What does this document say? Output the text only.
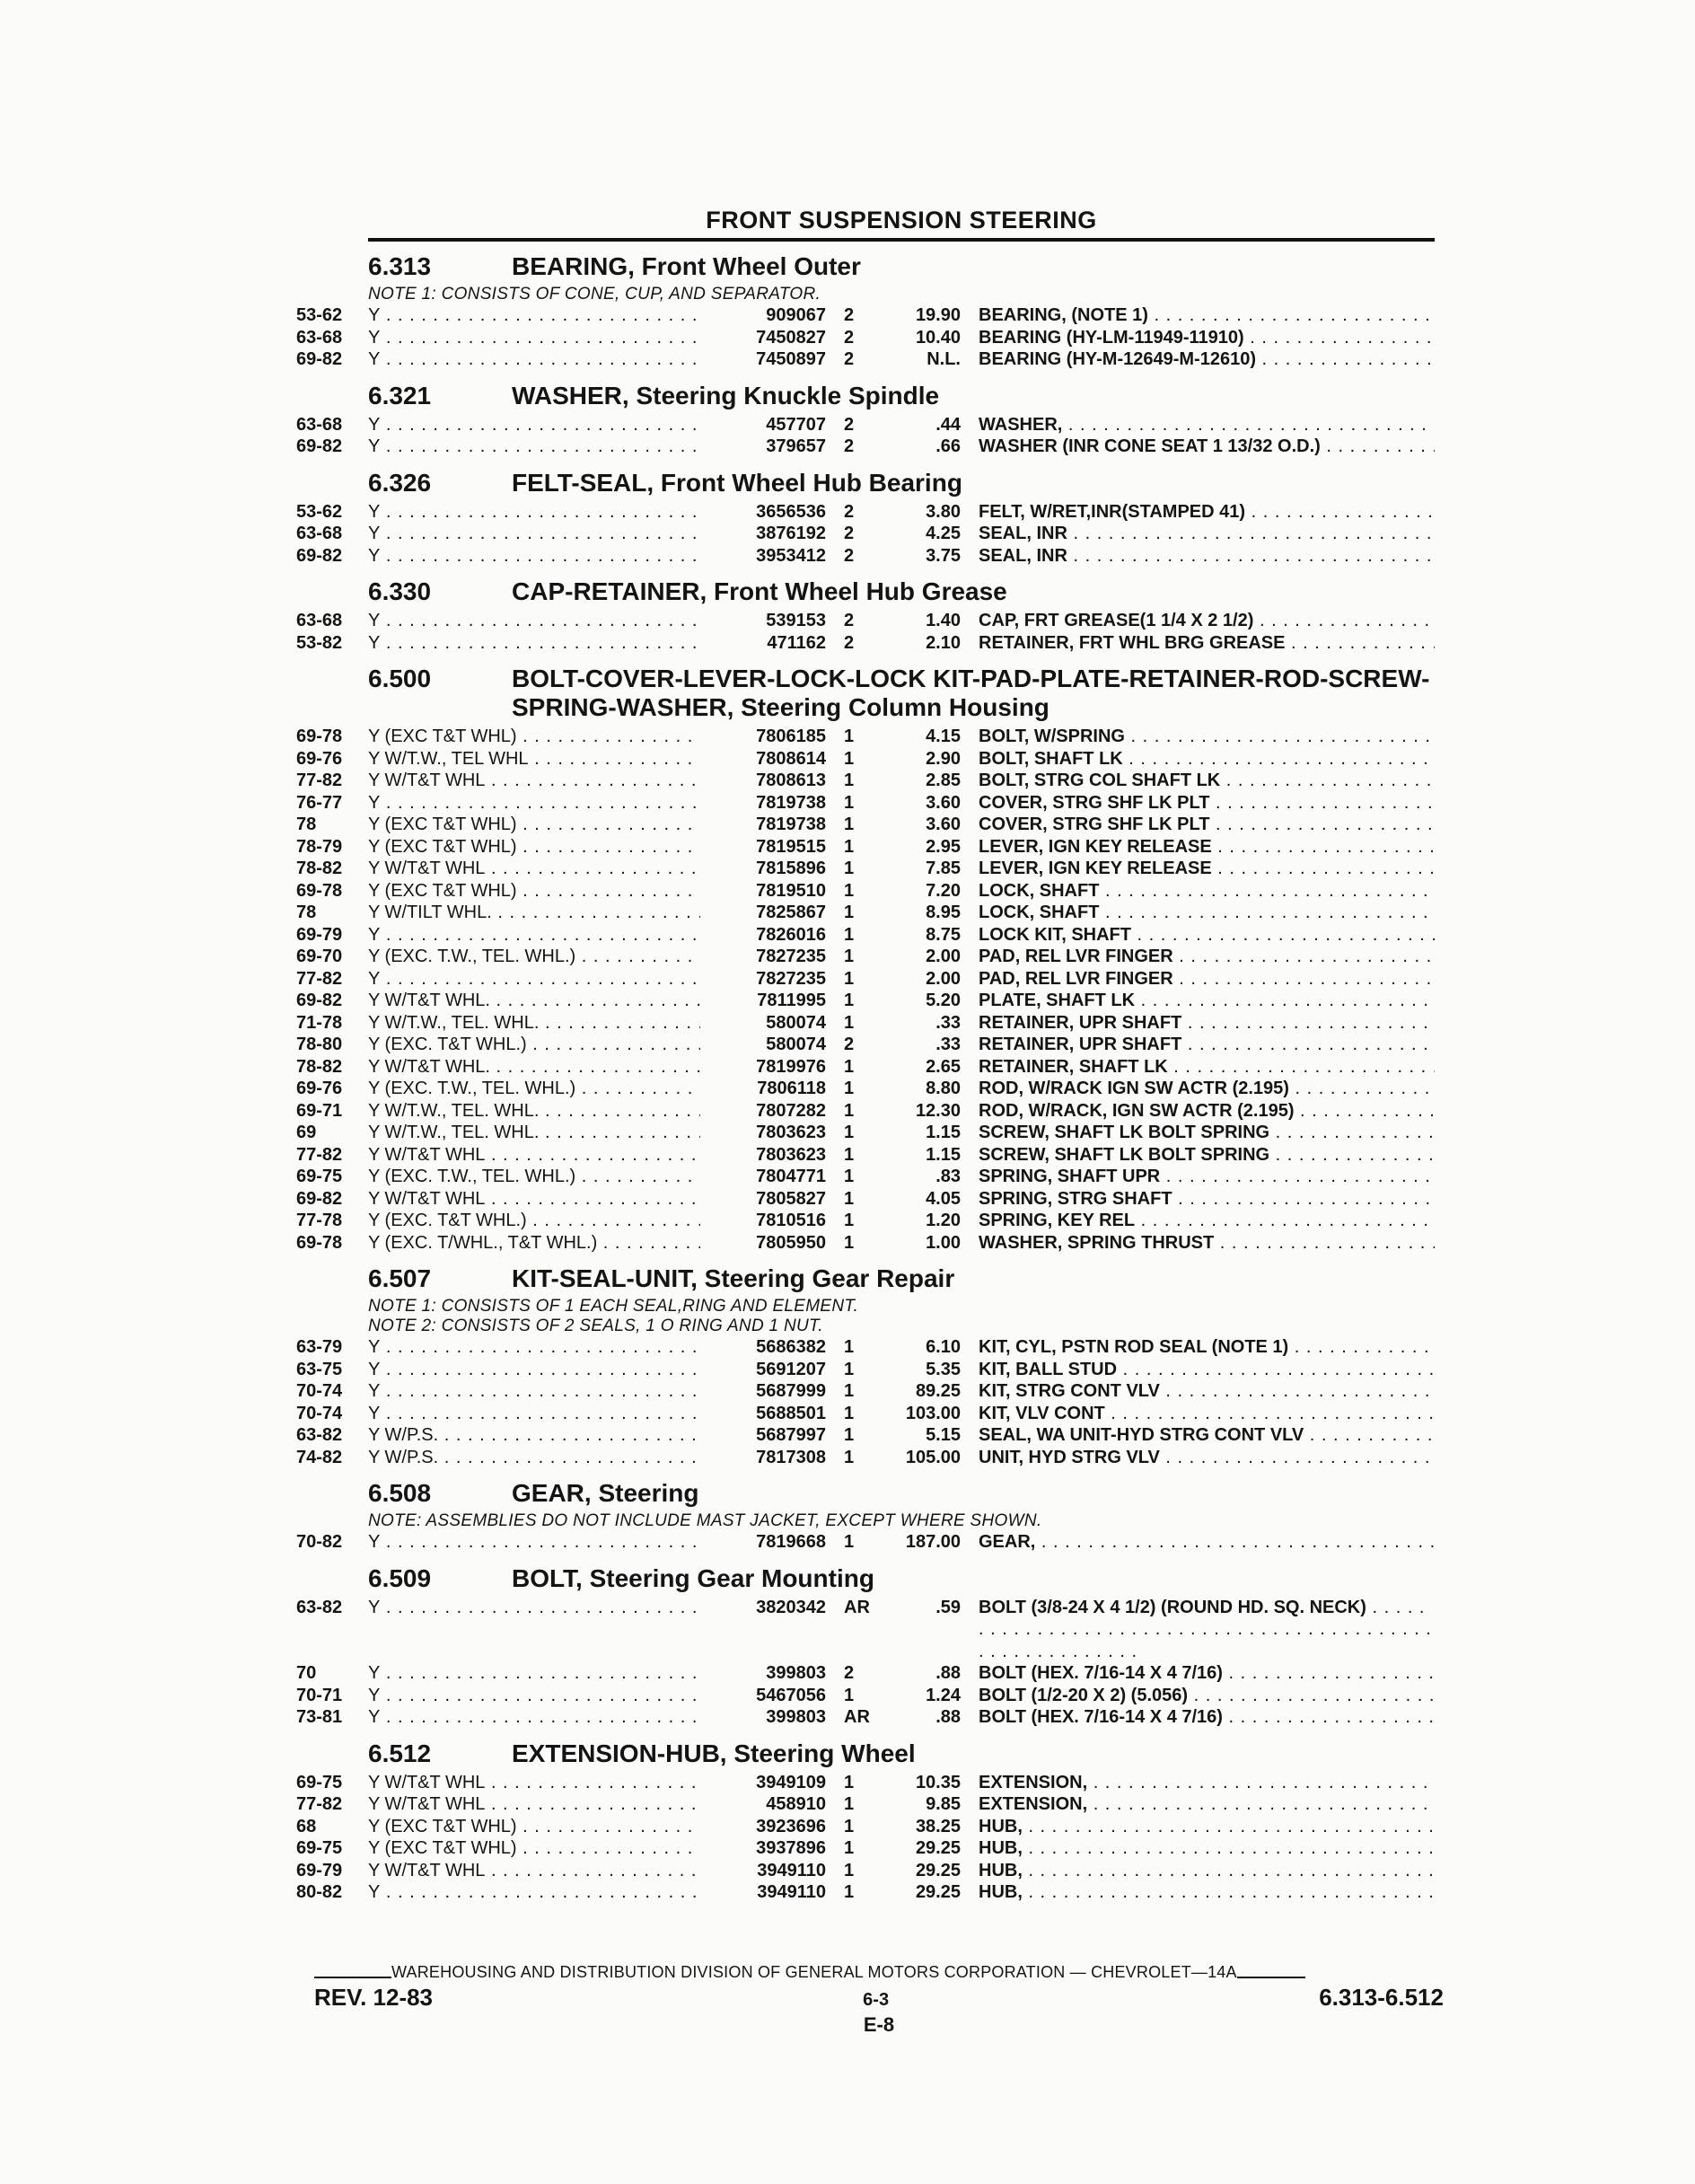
FRONT SUSPENSION STEERING
6.313	BEARING, Front Wheel Outer
NOTE 1: CONSISTS OF CONE, CUP, AND SEPARATOR.
53-62	Y . . .	909067	2	19.90	BEARING, (NOTE 1) . . .
63-68	Y . . .	7450827	2	10.40	BEARING (HY-LM-11949-11910) . . .
69-82	Y . . .	7450897	2	N.L.	BEARING (HY-M-12649-M-12610) . . .
6.321	WASHER, Steering Knuckle Spindle
63-68	Y . . .	457707	2	.44	WASHER, . . .
69-82	Y . . .	379657	2	.66	WASHER (INR CONE SEAT 1 13/32 O.D.) . . .
6.326	FELT-SEAL, Front Wheel Hub Bearing
53-62	Y . . .	3656536	2	3.80	FELT, W/RET,INR(STAMPED 41) . . .
63-68	Y . . .	3876192	2	4.25	SEAL, INR . . .
69-82	Y . . .	3953412	2	3.75	SEAL, INR . . .
6.330	CAP-RETAINER, Front Wheel Hub Grease
63-68	Y . . .	539153	2	1.40	CAP, FRT GREASE(1 1/4 X 2 1/2) . . .
53-82	Y . . .	471162	2	2.10	RETAINER, FRT WHL BRG GREASE . . .
6.500	BOLT-COVER-LEVER-LOCK-LOCK KIT-PAD-PLATE-RETAINER-ROD-SCREW-SPRING-WASHER, Steering Column Housing
69-78	Y (EXC T&T WHL) . . .	7806185	1	4.15	BOLT, W/SPRING . . .
69-76	Y W/T.W., TEL WHL . . .	7808614	1	2.90	BOLT, SHAFT LK . . .
77-82	Y W/T&T WHL . . .	7808613	1	2.85	BOLT, STRG COL SHAFT LK . . .
76-77	Y . . .	7819738	1	3.60	COVER, STRG SHF LK PLT . . .
78	Y (EXC T&T WHL) . . .	7819738	1	3.60	COVER, STRG SHF LK PLT . . .
78-79	Y (EXC T&T WHL) . . .	7819515	1	2.95	LEVER, IGN KEY RELEASE . . .
78-82	Y W/T&T WHL . . .	7815896	1	7.85	LEVER, IGN KEY RELEASE . . .
69-78	Y (EXC T&T WHL) . . .	7819510	1	7.20	LOCK, SHAFT . . .
78	Y W/TILT WHL. . . .	7825867	1	8.95	LOCK, SHAFT . . .
69-79	Y . . .	7826016	1	8.75	LOCK KIT, SHAFT . . .
69-70	Y (EXC. T.W., TEL. WHL.) . . .	7827235	1	2.00	PAD, REL LVR FINGER . . .
77-82	Y . . .	7827235	1	2.00	PAD, REL LVR FINGER . . .
69-82	Y W/T&T WHL. . . .	7811995	1	5.20	PLATE, SHAFT LK . . .
71-78	Y W/T.W., TEL. WHL. . . .	580074	1	.33	RETAINER, UPR SHAFT . . .
78-80	Y (EXC. T&T WHL.) . . .	580074	2	.33	RETAINER, UPR SHAFT . . .
78-82	Y W/T&T WHL. . . .	7819976	1	2.65	RETAINER, SHAFT LK . . .
69-76	Y (EXC. T.W., TEL. WHL.) . . .	7806118	1	8.80	ROD, W/RACK IGN SW ACTR (2.195) . . .
69-71	Y W/T.W., TEL. WHL. . . .	7807282	1	12.30	ROD, W/RACK, IGN SW ACTR (2.195) . . .
69	Y W/T.W., TEL. WHL. . . .	7803623	1	1.15	SCREW, SHAFT LK BOLT SPRING . . .
77-82	Y W/T&T WHL . . .	7803623	1	1.15	SCREW, SHAFT LK BOLT SPRING . . .
69-75	Y (EXC. T.W., TEL. WHL.) . . .	7804771	1	.83	SPRING, SHAFT UPR . . .
69-82	Y W/T&T WHL . . .	7805827	1	4.05	SPRING, STRG SHAFT . . .
77-78	Y (EXC. T&T WHL.) . . .	7810516	1	1.20	SPRING, KEY REL . . .
69-78	Y (EXC. T/WHL., T&T WHL.) . . .	7805950	1	1.00	WASHER, SPRING THRUST . . .
6.507	KIT-SEAL-UNIT, Steering Gear Repair
NOTE 1: CONSISTS OF 1 EACH SEAL,RING AND ELEMENT.
NOTE 2: CONSISTS OF 2 SEALS, 1 O RING AND 1 NUT.
63-79	Y . . .	5686382	1	6.10	KIT, CYL, PSTN ROD SEAL (NOTE 1) . . .
63-75	Y . . .	5691207	1	5.35	KIT, BALL STUD . . .
70-74	Y . . .	5687999	1	89.25	KIT, STRG CONT VLV . . .
70-74	Y . . .	5688501	1	103.00	KIT, VLV CONT . . .
63-82	Y W/P.S. . . .	5687997	1	5.15	SEAL, WA UNIT-HYD STRG CONT VLV . . .
74-82	Y W/P.S. . . .	7817308	1	105.00	UNIT, HYD STRG VLV . . .
6.508	GEAR, Steering
NOTE: ASSEMBLIES DO NOT INCLUDE MAST JACKET, EXCEPT WHERE SHOWN.
70-82	Y . . .	7819668	1	187.00	GEAR, . . .
6.509	BOLT, Steering Gear Mounting
63-82	Y . . .	3820342	AR	.59	BOLT (3/8-24 X 4 1/2) (ROUND HD. SQ. NECK) . . .
70	Y . . .	399803	2	.88	BOLT (HEX. 7/16-14 X 4 7/16) . . .
70-71	Y . . .	5467056	1	1.24	BOLT (1/2-20 X 2) (5.056) . . .
73-81	Y . . .	399803	AR	.88	BOLT (HEX. 7/16-14 X 4 7/16) . . .
6.512	EXTENSION-HUB, Steering Wheel
69-75	Y W/T&T WHL . . .	3949109	1	10.35	EXTENSION, . . .
77-82	Y W/T&T WHL . . .	458910	1	9.85	EXTENSION, . . .
68	Y (EXC T&T WHL) . . .	3923696	1	38.25	HUB, . . .
69-75	Y (EXC T&T WHL) . . .	3937896	1	29.25	HUB, . . .
69-79	Y W/T&T WHL . . .	3949110	1	29.25	HUB, . . .
80-82	Y . . .	3949110	1	29.25	HUB, . . .
WAREHOUSING AND DISTRIBUTION DIVISION OF GENERAL MOTORS CORPORATION — CHEVROLET—14A
REV. 12-83	6-3	6.313-6.512
E-8
